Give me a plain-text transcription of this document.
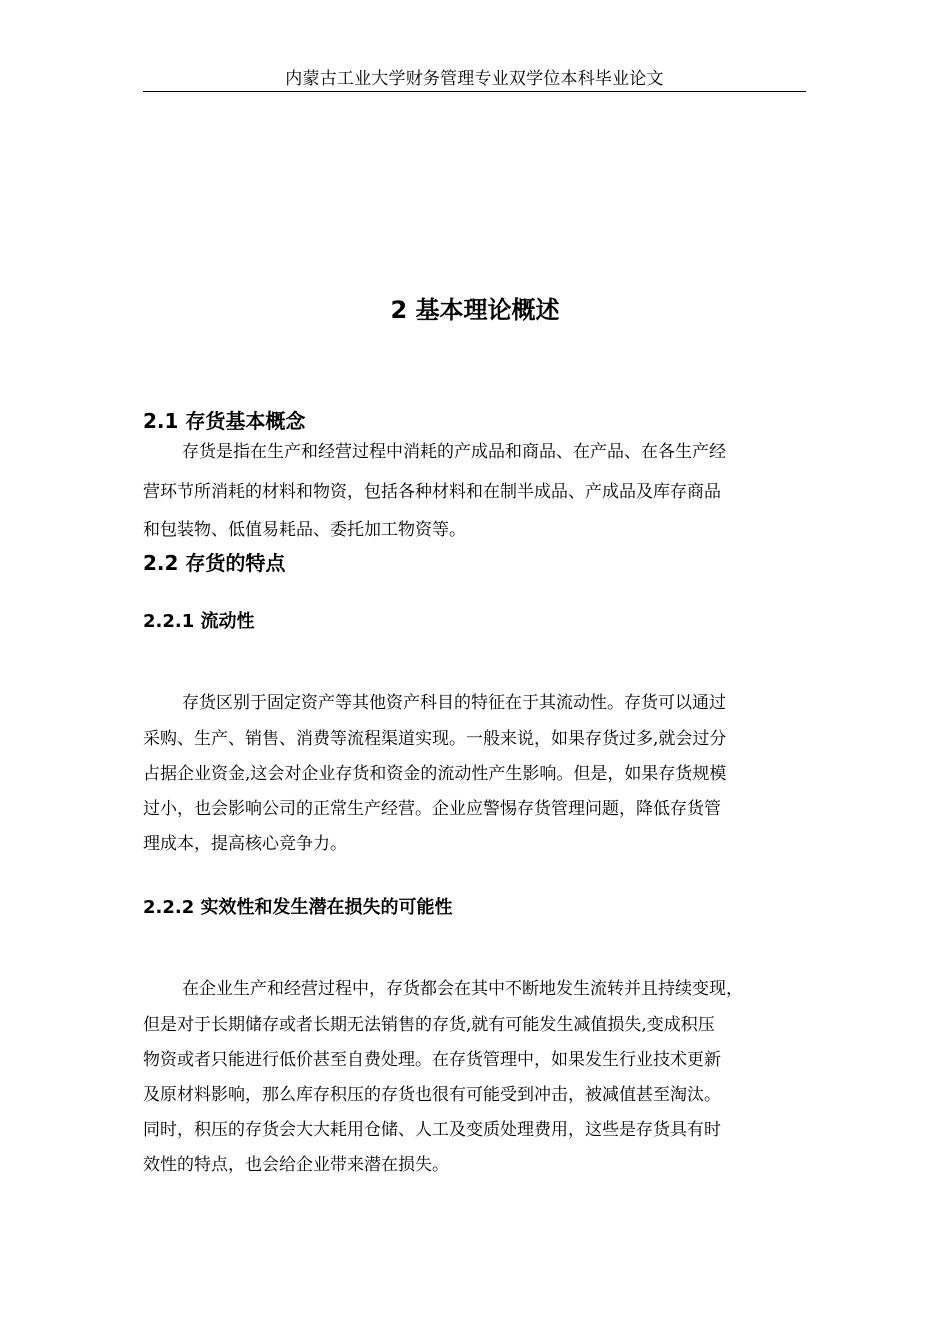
内蒙古工业大学财务管理专业双学位本科毕业论文
2 基本理论概述
2.1 存货基本概念
存货是指在生产和经营过程中消耗的产成品和商品、在产品、在各生产经
营环节所消耗的材料和物资，包括各种材料和在制半成品、产成品及库存商品
和包装物、低值易耗品、委托加工物资等。
2.2 存货的特点
2.2.1 流动性
存货区别于固定资产等其他资产科目的特征在于其流动性。存货可以通过
采购、生产、销售、消费等流程渠道实现。一般来说，如果存货过多,就会过分
占据企业资金,这会对企业存货和资金的流动性产生影响。但是，如果存货规模
过小，也会影响公司的正常生产经营。企业应警惕存货管理问题，降低存货管
理成本，提高核心竞争力。
2.2.2 实效性和发生潜在损失的可能性
在企业生产和经营过程中，存货都会在其中不断地发生流转并且持续变现，
但是对于长期储存或者长期无法销售的存货,就有可能发生减值损失,变成积压
物资或者只能进行低价甚至自费处理。在存货管理中，如果发生行业技术更新
及原材料影响，那么库存积压的存货也很有可能受到冲击，被减值甚至淘汰。
同时，积压的存货会大大耗用仓储、人工及变质处理费用，这些是存货具有时
效性的特点，也会给企业带来潜在损失。
